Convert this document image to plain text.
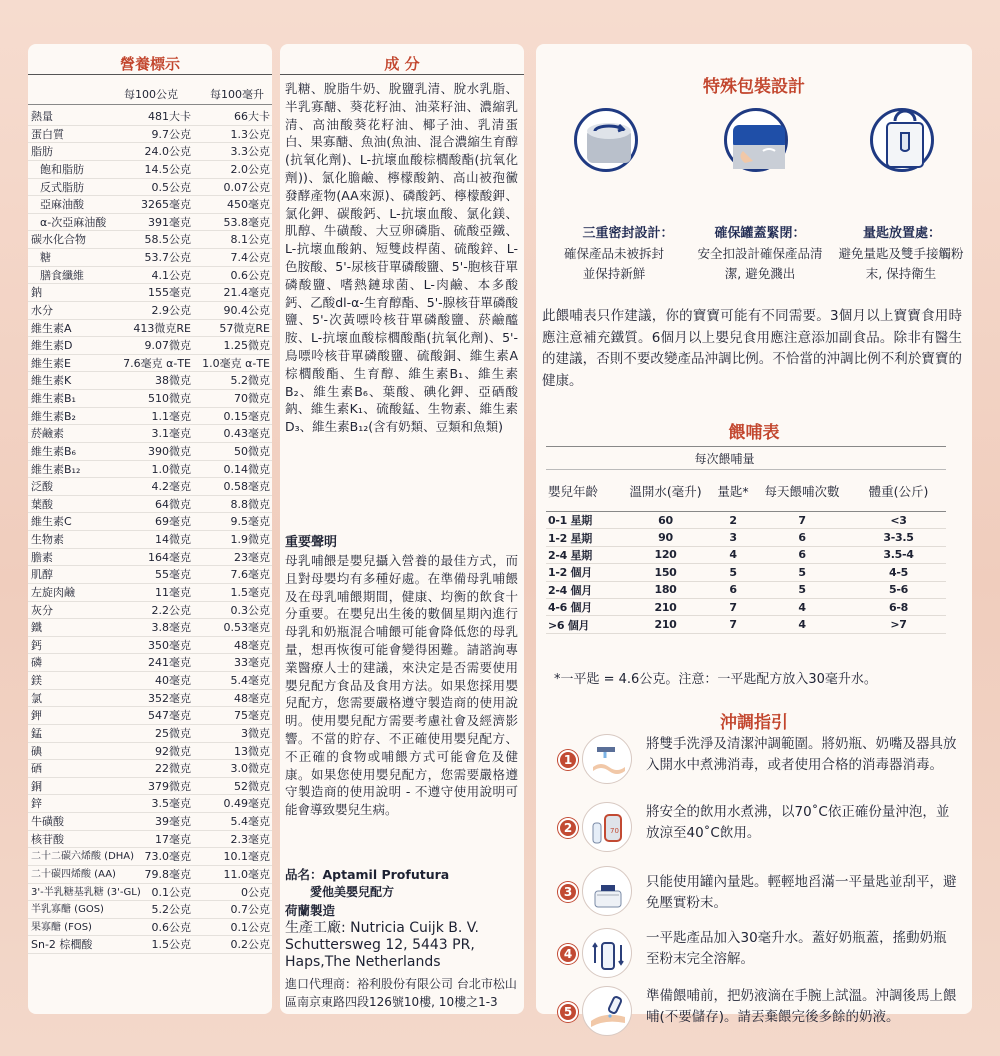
營養標示
每100公克	每100毫升
熱量	481大卡	66大卡
蛋白質	9.7公克	1.3公克
脂肪	24.0公克	3.3公克
飽和脂肪	14.5公克	2.0公克
反式脂肪	0.5公克	0.07公克
亞麻油酸	3265毫克	450毫克
α-次亞麻油酸	391毫克	53.8毫克
碳水化合物	58.5公克	8.1公克
糖	53.7公克	7.4公克
膳食纖維	4.1公克	0.6公克
鈉	155毫克	21.4毫克
水分	2.9公克	90.4公克
維生素A	413微克RE	57微克RE
維生素D	9.07微克	1.25微克
維生素E	7.6毫克 α-TE 1.0毫克 α-TE
維生素K	38微克	5.2微克
維生素B₁	510微克	70微克
維生素B₂	1.1毫克	0.15毫克
菸鹼素	3.1毫克	0.43毫克
維生素B₆	390微克	50微克
維生素B₁₂	1.0微克	0.14微克
泛酸	4.2毫克	0.58毫克
葉酸	64微克	8.8微克
維生素C	69毫克	9.5毫克
生物素	14微克	1.9微克
膽素	164毫克	23毫克
肌醇	55毫克	7.6毫克
左旋肉鹼	11毫克	1.5毫克
灰分	2.2公克	0.3公克
鐵	3.8毫克	0.53毫克
鈣	350毫克	48毫克
磷	241毫克	33毫克
鎂	40毫克	5.4毫克
氯	352毫克	48毫克
鉀	547毫克	75毫克
錳	25微克	3微克
碘	92微克	13微克
硒	22微克	3.0微克
銅	379微克	52微克
鋅	3.5毫克	0.49毫克
牛磺酸	39毫克	5.4毫克
核苷酸	17毫克	2.3毫克
二十二碳六烯酸 (DHA) 73.0毫克	10.1毫克
二十碳四烯酸 (AA)	79.8毫克	11.0毫克
3'-半乳糖基乳糖 (3'-GL) 0.1公克	0公克
半乳寡醣 (GOS)	5.2公克	0.7公克
果寡醣 (FOS)	0.6公克	0.1公克
Sn-2 棕櫚酸	1.5公克	0.2公克
成 分
乳糖、脫脂牛奶、脫鹽乳清、脫水乳脂、半乳寡醣、葵花籽油、油菜籽油、濃縮乳清、高油酸葵花籽油、椰子油、乳清蛋白、果寡醣、魚油(魚油、混合濃縮生育醇(抗氧化劑)、L-抗壞血酸棕櫚酸酯(抗氧化劑))、氯化膽鹼、檸檬酸鈉、高山被孢黴發酵產物(AA來源)、磷酸鈣、檸檬酸鉀、氯化鉀、碳酸鈣、L-抗壞血酸、氯化鎂、肌醇、牛磺酸、大豆卵磷脂、硫酸亞鐵、L-抗壞血酸鈉、短雙歧桿菌、硫酸鋅、L-色胺酸、5'-尿核苷單磷酸鹽、5'-胞核苷單磷酸鹽、嗜熱鏈球菌、L-肉鹼、本多酸鈣、乙酸dl-α-生育醇酯、5'-腺核苷單磷酸鹽、5'-次黃嘌呤核苷單磷酸鹽、菸鹼醯胺、L-抗壞血酸棕櫚酸酯(抗氧化劑)、5'-鳥嘌呤核苷單磷酸鹽、硫酸銅、維生素A棕櫚酸酯、生育醇、維生素B₁、維生素B₂、維生素B₆、葉酸、碘化鉀、亞硒酸鈉、維生素K₁、硫酸錳、生物素、維生素D₃、維生素B₁₂(含有奶類、豆類和魚類)
重要聲明
母乳哺餵是嬰兒攝入營養的最佳方式，而且對母嬰均有多種好處。在準備母乳哺餵及在母乳哺餵期間，健康、均衡的飲食十分重要。在嬰兒出生後的數個星期內進行母乳和奶瓶混合哺餵可能會降低您的母乳量，想再恢復可能會變得困難。請諮詢專業醫療人士的建議，來決定是否需要使用嬰兒配方食品及食用方法。如果您採用嬰兒配方，您需要嚴格遵守製造商的使用說明。使用嬰兒配方需要考慮社會及經濟影響。不當的貯存、不正確使用嬰兒配方、不正確的食物或哺餵方式可能會危及健康。如果您使用嬰兒配方，您需要嚴格遵守製造商的使用說明 - 不遵守使用說明可能會導致嬰兒生病。
品名：Aptamil Profutura
愛他美嬰兒配方
荷蘭製造
生產工廠: Nutricia Cuijk B. V. Schuttersweg 12, 5443 PR, Haps,The Netherlands
進口代理商：裕利股份有限公司 台北市松山區南京東路四段126號10樓, 10樓之1-3
特殊包裝設計
三重密封設計：	確保罐蓋緊閉：	量匙放置處：
確保產品未被拆封並保持新鮮
安全扣設計確保產品清潔, 避免濺出
避免量匙及雙手接觸粉末, 保持衛生
此餵哺表只作建議，你的寶寶可能有不同需要。3個月以上寶寶食用時應注意補充鐵質。6個月以上嬰兒食用應注意添加副食品。除非有醫生的建議，否則不要改變產品沖調比例。不恰當的沖調比例不利於寶寶的健康。
餵哺表
每次餵哺量
嬰兒年齡	溫開水(毫升)	量匙*	每天餵哺次數	體重(公斤)
0-1 星期	60	2	7	<3
1-2 星期	90	3	6	3-3.5
2-4 星期	120	4	6	3.5-4
1-2 個月	150	5	5	4-5
2-4 個月	180	6	5	5-6
4-6 個月	210	7	4	6-8
>6 個月	210	7	4	>7
*一平匙 = 4.6公克。注意：一平匙配方放入30毫升水。
沖調指引
1
將雙手洗淨及清潔沖調範圍。將奶瓶、奶嘴及器具放入開水中煮沸消毒，或者使用合格的消毒器消毒。
2	70
將安全的飲用水煮沸，以70˚C依正確份量沖泡，並放涼至40˚C飲用。
3
只能使用罐內量匙。輕輕地舀滿一平量匙並刮平，避免壓實粉末。
4
一平匙產品加入30毫升水。蓋好奶瓶蓋，搖動奶瓶至粉末完全溶解。
5
準備餵哺前，把奶液滴在手腕上試溫。沖調後馬上餵哺(不要儲存)。請丟棄餵完後多餘的奶液。
